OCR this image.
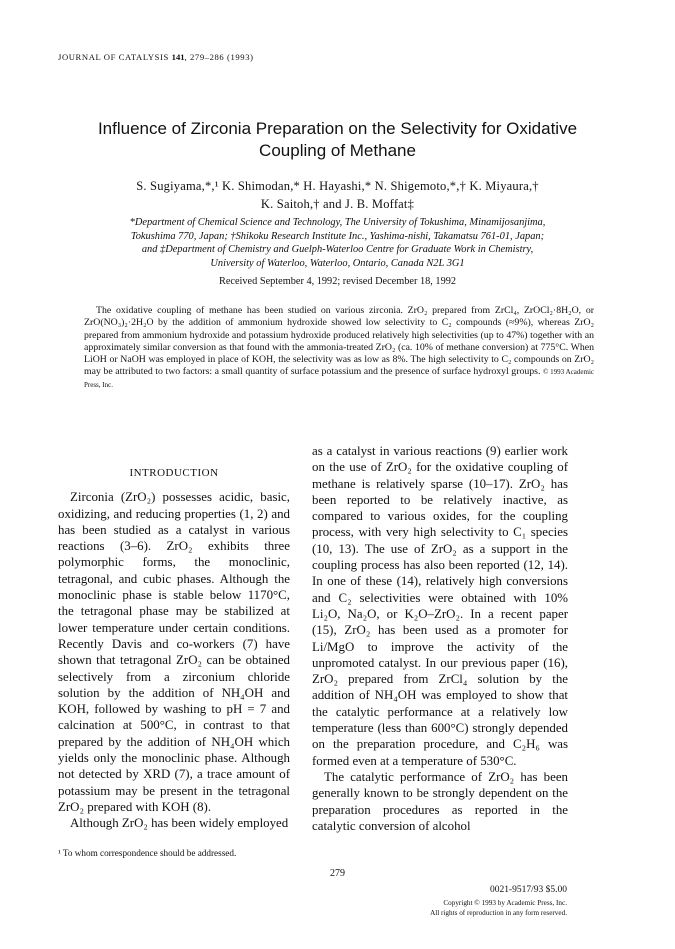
JOURNAL OF CATALYSIS 141, 279–286 (1993)
Influence of Zirconia Preparation on the Selectivity for Oxidative
Coupling of Methane
S. Sugiyama,*,¹ K. Shimodan,* H. Hayashi,* N. Shigemoto,*,† K. Miyaura,†
K. Saitoh,† and J. B. Moffat‡
*Department of Chemical Science and Technology, The University of Tokushima, Minamijosanjima,
Tokushima 770, Japan; †Shikoku Research Institute Inc., Yashima-nishi, Takamatsu 761-01, Japan;
and ‡Department of Chemistry and Guelph-Waterloo Centre for Graduate Work in Chemistry,
University of Waterloo, Waterloo, Ontario, Canada N2L 3G1
Received September 4, 1992; revised December 18, 1992
The oxidative coupling of methane has been studied on various zirconia. ZrO₂ prepared from ZrCl₄, ZrOCl₂·8H₂O, or ZrO(NO₃)₂·2H₂O by the addition of ammonium hydroxide showed low selectivity to C₂ compounds (≈9%), whereas ZrO₂ prepared from ammonium hydroxide and potassium hydroxide produced relatively high selectivities (up to 47%) together with an approximately similar conversion as that found with the ammonia-treated ZrO₂ (ca. 10% of methane conversion) at 775°C. When LiOH or NaOH was employed in place of KOH, the selectivity was as low as 8%. The high selectivity to C₂ compounds on ZrO₂ may be attributed to two factors: a small quantity of surface potassium and the presence of surface hydroxyl groups. © 1993 Academic Press, Inc.
INTRODUCTION

Zirconia (ZrO₂) possesses acidic, basic, oxidizing, and reducing properties (1, 2) and has been studied as a catalyst in various reactions (3–6). ZrO₂ exhibits three polymorphic forms, the monoclinic, tetragonal, and cubic phases. Although the monoclinic phase is stable below 1170°C, the tetragonal phase may be stabilized at lower temperature under certain conditions. Recently Davis and co-workers (7) have shown that tetragonal ZrO₂ can be obtained selectively from a zirconium chloride solution by the addition of NH₄OH and KOH, followed by washing to pH = 7 and calcination at 500°C, in contrast to that prepared by the addition of NH₄OH which yields only the monoclinic phase. Although not detected by XRD (7), a trace amount of potassium may be present in the tetragonal ZrO₂ prepared with KOH (8).

Although ZrO₂ has been widely employed

as a catalyst in various reactions (9) earlier work on the use of ZrO₂ for the oxidative coupling of methane is relatively sparse (10–17). ZrO₂ has been reported to be relatively inactive, as compared to various oxides, for the coupling process, with very high selectivity to C₁ species (10, 13). The use of ZrO₂ as a support in the coupling process has also been reported (12, 14). In one of these (14), relatively high conversions and C₂ selectivities were obtained with 10% Li₂O, Na₂O, or K₂O–ZrO₂. In a recent paper (15), ZrO₂ has been used as a promoter for Li/MgO to improve the activity of the unpromoted catalyst. In our previous paper (16), ZrO₂ prepared from ZrCl₄ solution by the addition of NH₄OH was employed to show that the catalytic performance at a relatively low temperature (less than 600°C) strongly depended on the preparation procedure, and C₂H₆ was formed even at a temperature of 530°C.

The catalytic performance of ZrO₂ has been generally known to be strongly dependent on the preparation procedures as reported in the catalytic conversion of alcohol

¹ To whom correspondence should be addressed.
279
0021-9517/93 $5.00
Copyright © 1993 by Academic Press, Inc.
All rights of reproduction in any form reserved.
